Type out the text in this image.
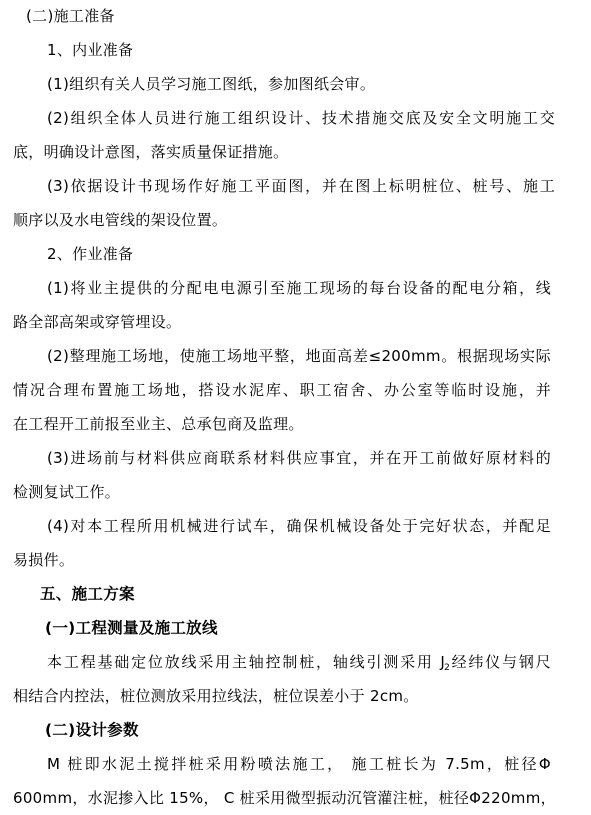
(二)施工准备
1、内业准备
(1)组织有关人员学习施工图纸，参加图纸会审。
(2)组织全体人员进行施工组织设计、技术措施交底及安全文明施工交
底，明确设计意图，落实质量保证措施。
(3)依据设计书现场作好施工平面图，并在图上标明桩位、桩号、施工
顺序以及水电管线的架设位置。
2、作业准备
(1)将业主提供的分配电电源引至施工现场的每台设备的配电分箱，线
路全部高架或穿管埋设。
(2)整理施工场地，使施工场地平整，地面高差≤200mm。根据现场实际
情况合理布置施工场地，搭设水泥库、职工宿舍、办公室等临时设施，并
在工程开工前报至业主、总承包商及监理。
(3)进场前与材料供应商联系材料供应事宜，并在开工前做好原材料的
检测复试工作。
(4)对本工程所用机械进行试车，确保机械设备处于完好状态，并配足
易损件。
五、施工方案
(一)工程测量及施工放线
本工程基础定位放线采用主轴控制桩，轴线引测采用 J2经纬仪与钢尺
相结合内控法，桩位测放采用拉线法，桩位误差小于 2cm。
(二)设计参数
M 桩即水泥土搅拌桩采用粉喷法施工， 施工桩长为 7.5m，桩径Φ
600mm，水泥掺入比 15%， C 桩采用微型振动沉管灌注桩，桩径Φ220mm，
